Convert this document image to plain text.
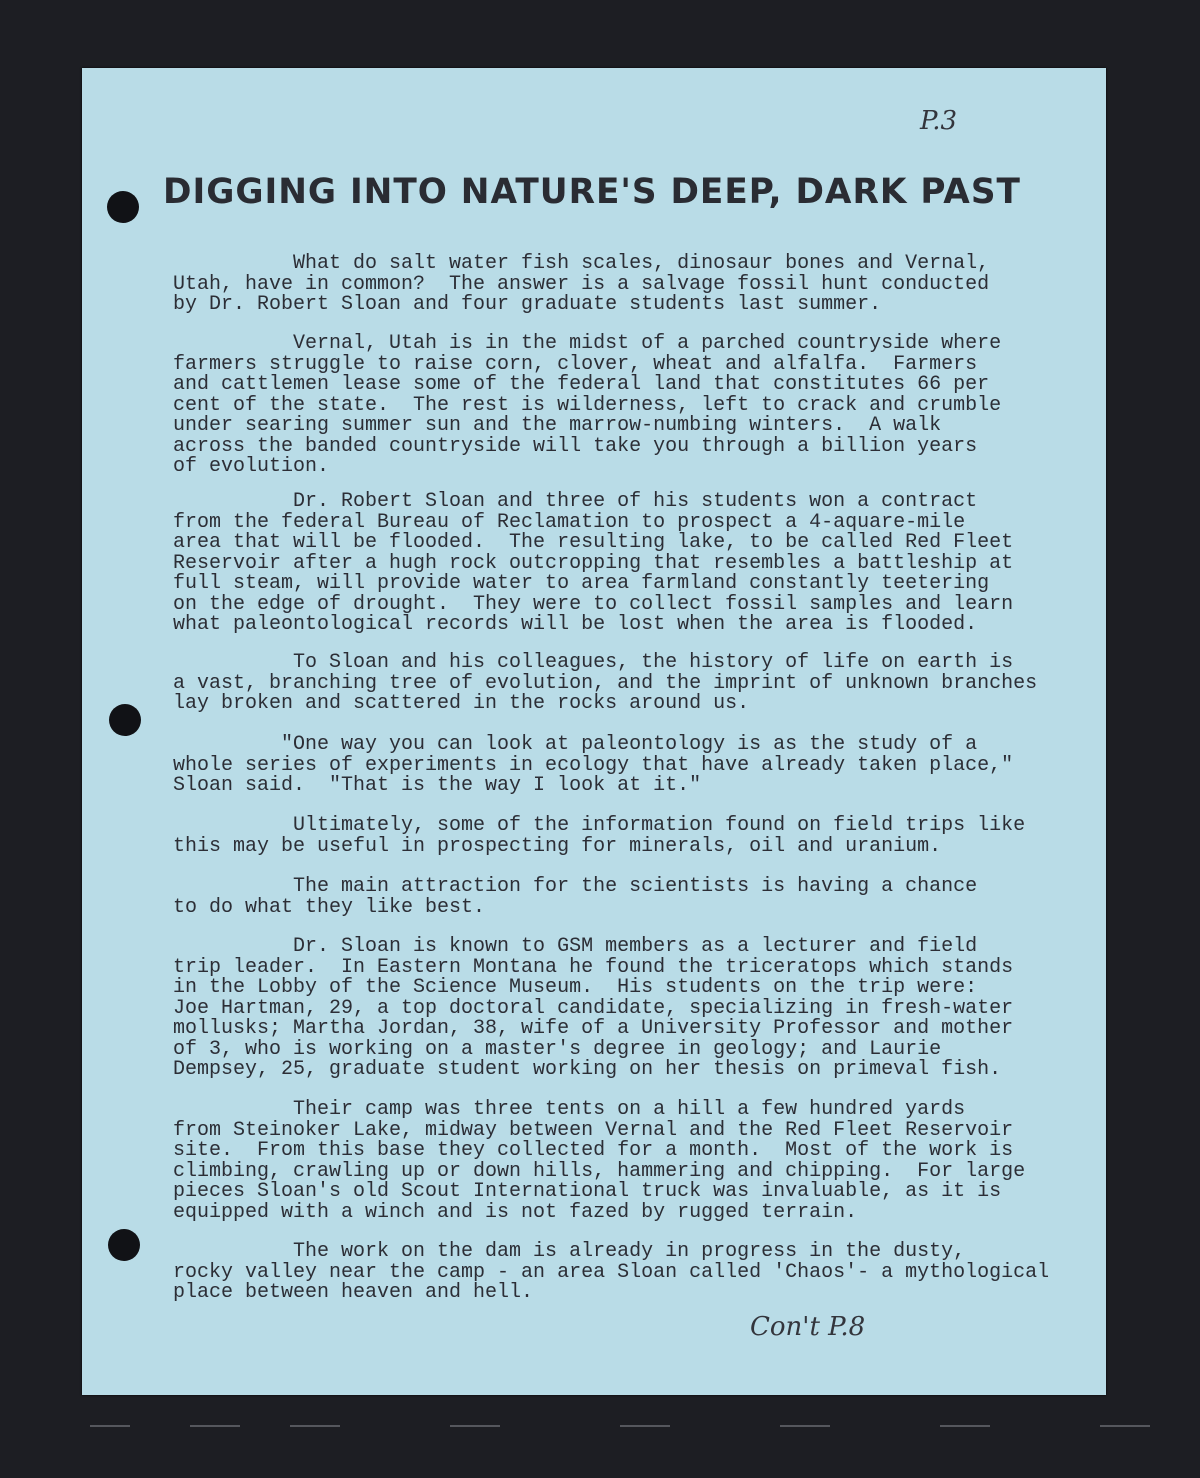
P.3
DIGGING INTO NATURE'S DEEP, DARK PAST
What do salt water fish scales, dinosaur bones and Vernal,
Utah, have in common?  The answer is a salvage fossil hunt conducted
by Dr. Robert Sloan and four graduate students last summer.
Vernal, Utah is in the midst of a parched countryside where
farmers struggle to raise corn, clover, wheat and alfalfa.  Farmers
and cattlemen lease some of the federal land that constitutes 66 per
cent of the state.  The rest is wilderness, left to crack and crumble
under searing summer sun and the marrow-numbing winters.  A walk
across the banded countryside will take you through a billion years
of evolution.
Dr. Robert Sloan and three of his students won a contract
from the federal Bureau of Reclamation to prospect a 4-aquare-mile
area that will be flooded.  The resulting lake, to be called Red Fleet
Reservoir after a hugh rock outcropping that resembles a battleship at
full steam, will provide water to area farmland constantly teetering
on the edge of drought.  They were to collect fossil samples and learn
what paleontological records will be lost when the area is flooded.
To Sloan and his colleagues, the history of life on earth is
a vast, branching tree of evolution, and the imprint of unknown branches
lay broken and scattered in the rocks around us.
"One way you can look at paleontology is as the study of a
whole series of experiments in ecology that have already taken place,"
Sloan said.  "That is the way I look at it."
Ultimately, some of the information found on field trips like
this may be useful in prospecting for minerals, oil and uranium.
The main attraction for the scientists is having a chance
to do what they like best.
Dr. Sloan is known to GSM members as a lecturer and field
trip leader.  In Eastern Montana he found the triceratops which stands
in the Lobby of the Science Museum.  His students on the trip were:
Joe Hartman, 29, a top doctoral candidate, specializing in fresh-water
mollusks; Martha Jordan, 38, wife of a University Professor and mother
of 3, who is working on a master's degree in geology; and Laurie
Dempsey, 25, graduate student working on her thesis on primeval fish.
Their camp was three tents on a hill a few hundred yards
from Steinoker Lake, midway between Vernal and the Red Fleet Reservoir
site.  From this base they collected for a month.  Most of the work is
climbing, crawling up or down hills, hammering and chipping.  For large
pieces Sloan's old Scout International truck was invaluable, as it is
equipped with a winch and is not fazed by rugged terrain.
The work on the dam is already in progress in the dusty,
rocky valley near the camp - an area Sloan called 'Chaos'- a mythological
place between heaven and hell.
Con't P.8
